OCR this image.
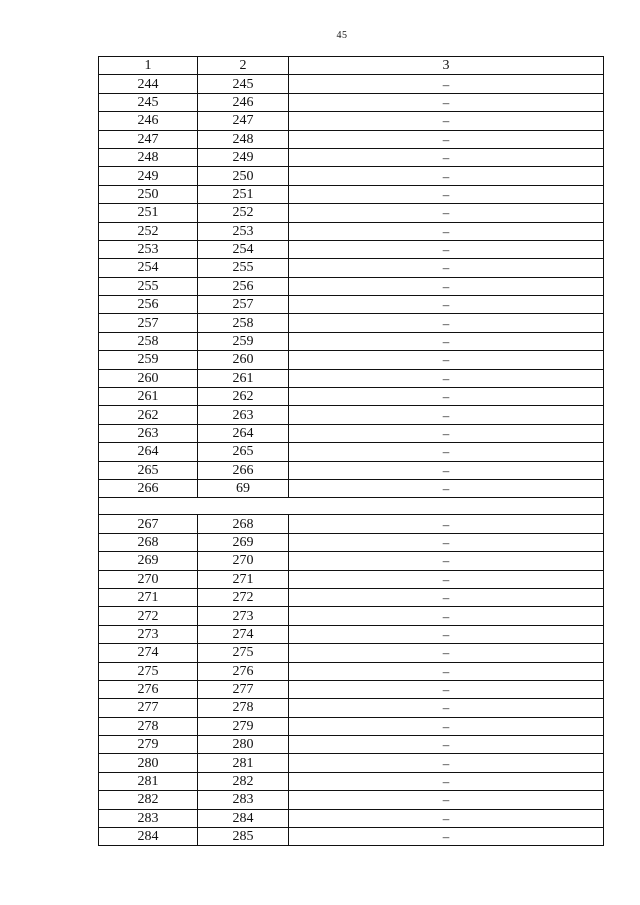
45
1	2	3
244	245	–
245	246	–
246	247	–
247	248	–
248	249	–
249	250	–
250	251	–
251	252	–
252	253	–
253	254	–
254	255	–
255	256	–
256	257	–
257	258	–
258	259	–
259	260	–
260	261	–
261	262	–
262	263	–
263	264	–
264	265	–
265	266	–
266	69	–

267	268	–
268	269	–
269	270	–
270	271	–
271	272	–
272	273	–
273	274	–
274	275	–
275	276	–
276	277	–
277	278	–
278	279	–
279	280	–
280	281	–
281	282	–
282	283	–
283	284	–
284	285	–
